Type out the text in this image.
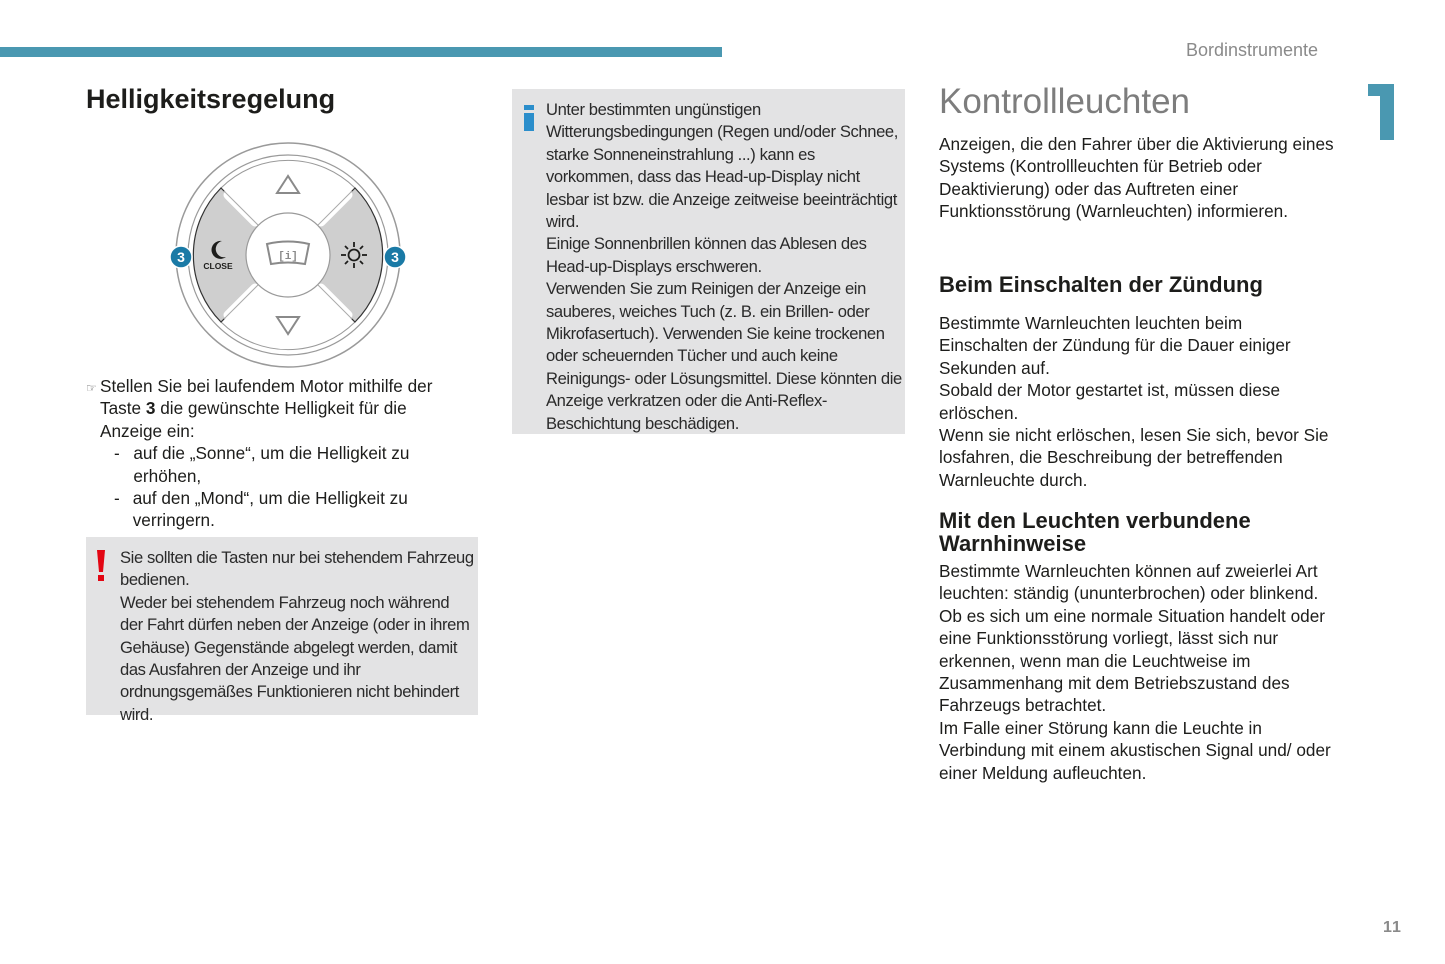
Bordinstrumente
Helligkeitsregelung
[i]
CLOSE
3	3
☞ Stellen Sie bei laufendem Motor mithilfe der Taste 3 die gewünschte Helligkeit für die Anzeige ein:
- auf die „Sonne“, um die Helligkeit zu erhöhen,
- auf den „Mond“, um die Helligkeit zu verringern.
Sie sollten die Tasten nur bei stehendem Fahrzeug bedienen.
Weder bei stehendem Fahrzeug noch während der Fahrt dürfen neben der Anzeige (oder in ihrem Gehäuse) Gegenstände abgelegt werden, damit das Ausfahren der Anzeige und ihr ordnungsgemäßes Funktionieren nicht behindert wird.
Unter bestimmten ungünstigen Witterungsbedingungen (Regen und/oder Schnee, starke Sonneneinstrahlung ...) kann es vorkommen, dass das Head-up-Display nicht lesbar ist bzw. die Anzeige zeitweise beeinträchtigt wird.
Einige Sonnenbrillen können das Ablesen des Head-up-Displays erschweren.
Verwenden Sie zum Reinigen der Anzeige ein sauberes, weiches Tuch (z. B. ein Brillen- oder Mikrofasertuch). Verwenden Sie keine trockenen oder scheuernden Tücher und auch keine Reinigungs- oder Lösungsmittel. Diese könnten die Anzeige verkratzen oder die Anti-Reflex-Beschichtung beschädigen.
Kontrollleuchten
Anzeigen, die den Fahrer über die Aktivierung eines Systems (Kontrollleuchten für Betrieb oder Deaktivierung) oder das Auftreten einer Funktionsstörung (Warnleuchten) informieren.
Beim Einschalten der Zündung
Bestimmte Warnleuchten leuchten beim Einschalten der Zündung für die Dauer einiger Sekunden auf.
Sobald der Motor gestartet ist, müssen diese erlöschen.
Wenn sie nicht erlöschen, lesen Sie sich, bevor Sie losfahren, die Beschreibung der betreffenden Warnleuchte durch.
Mit den Leuchten verbundene Warnhinweise
Bestimmte Warnleuchten können auf zweierlei Art leuchten: ständig (ununterbrochen) oder blinkend.
Ob es sich um eine normale Situation handelt oder eine Funktionsstörung vorliegt, lässt sich nur erkennen, wenn man die Leuchtweise im Zusammenhang mit dem Betriebszustand des Fahrzeugs betrachtet.
Im Falle einer Störung kann die Leuchte in Verbindung mit einem akustischen Signal und/ oder einer Meldung aufleuchten.
11
